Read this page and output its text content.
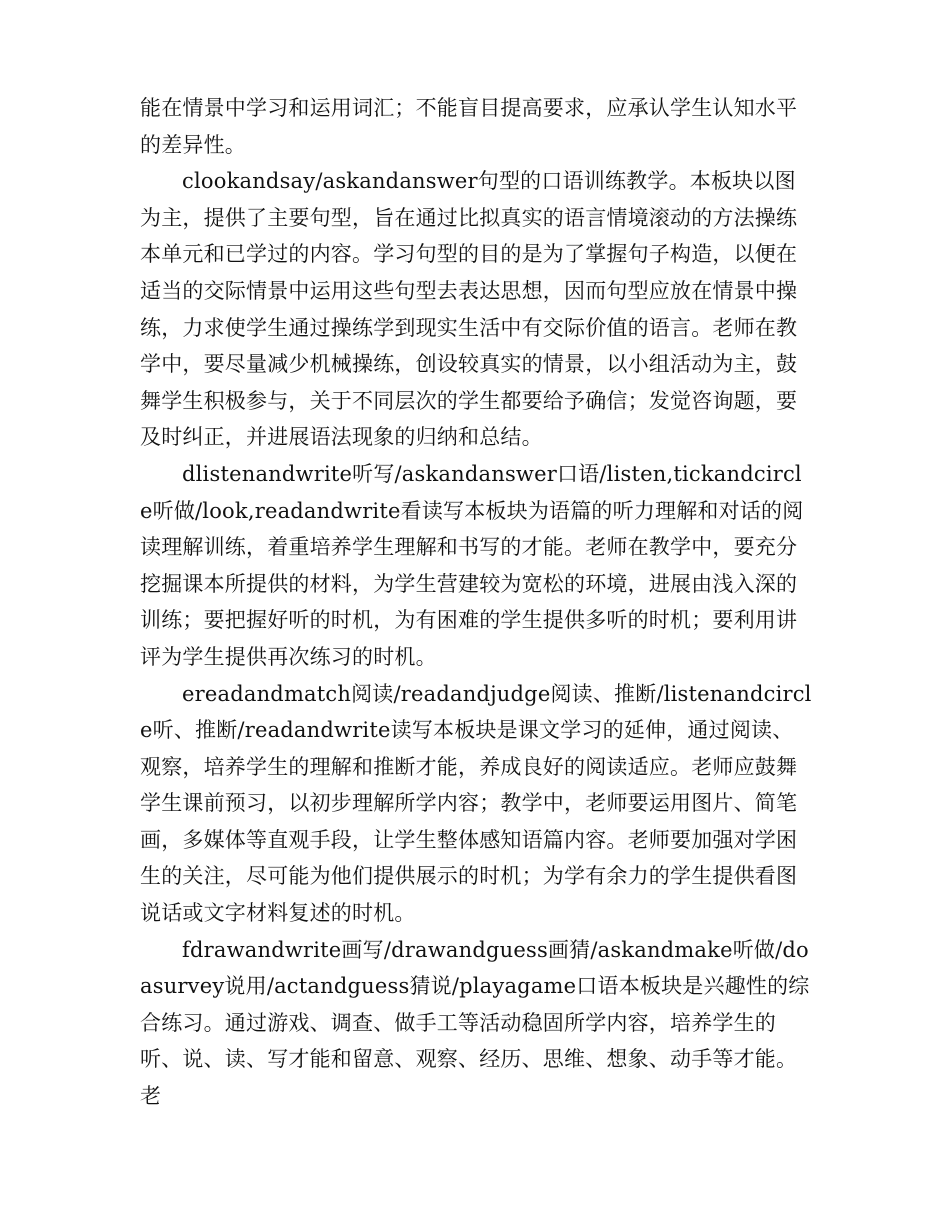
能在情景中学习和运用词汇；不能盲目提高要求，应承认学生认知水平的差异性。

clookandsay/askandanswer句型的口语训练教学。本板块以图为主，提供了主要句型，旨在通过比拟真实的语言情境滚动的方法操练本单元和已学过的内容。学习句型的目的是为了掌握句子构造，以便在适当的交际情景中运用这些句型去表达思想，因而句型应放在情景中操练，力求使学生通过操练学到现实生活中有交际价值的语言。老师在教学中，要尽量减少机械操练，创设较真实的情景，以小组活动为主，鼓舞学生积极参与，关于不同层次的学生都要给予确信；发觉咨询题，要及时纠正，并进展语法现象的归纳和总结。

dlistenandwrite听写/askandanswer口语/listen,tickandcircle听做/look,readandwrite看读写本板块为语篇的听力理解和对话的阅读理解训练，着重培养学生理解和书写的才能。老师在教学中，要充分挖掘课本所提供的材料，为学生营建较为宽松的环境，进展由浅入深的训练；要把握好听的时机，为有困难的学生提供多听的时机；要利用讲评为学生提供再次练习的时机。

ereadandmatch阅读/readandjudge阅读、推断/listenandcircle听、推断/readandwrite读写本板块是课文学习的延伸，通过阅读、观察，培养学生的理解和推断才能，养成良好的阅读适应。老师应鼓舞学生课前预习，以初步理解所学内容；教学中，老师要运用图片、简笔画，多媒体等直观手段，让学生整体感知语篇内容。老师要加强对学困生的关注，尽可能为他们提供展示的时机；为学有余力的学生提供看图说话或文字材料复述的时机。

fdrawandwrite画写/drawandguess画猜/askandmake听做/doasurvey说用/actandguess猜说/playagame口语本板块是兴趣性的综合练习。通过游戏、调查、做手工等活动稳固所学内容，培养学生的听、说、读、写才能和留意、观察、经历、思维、想象、动手等才能。老
